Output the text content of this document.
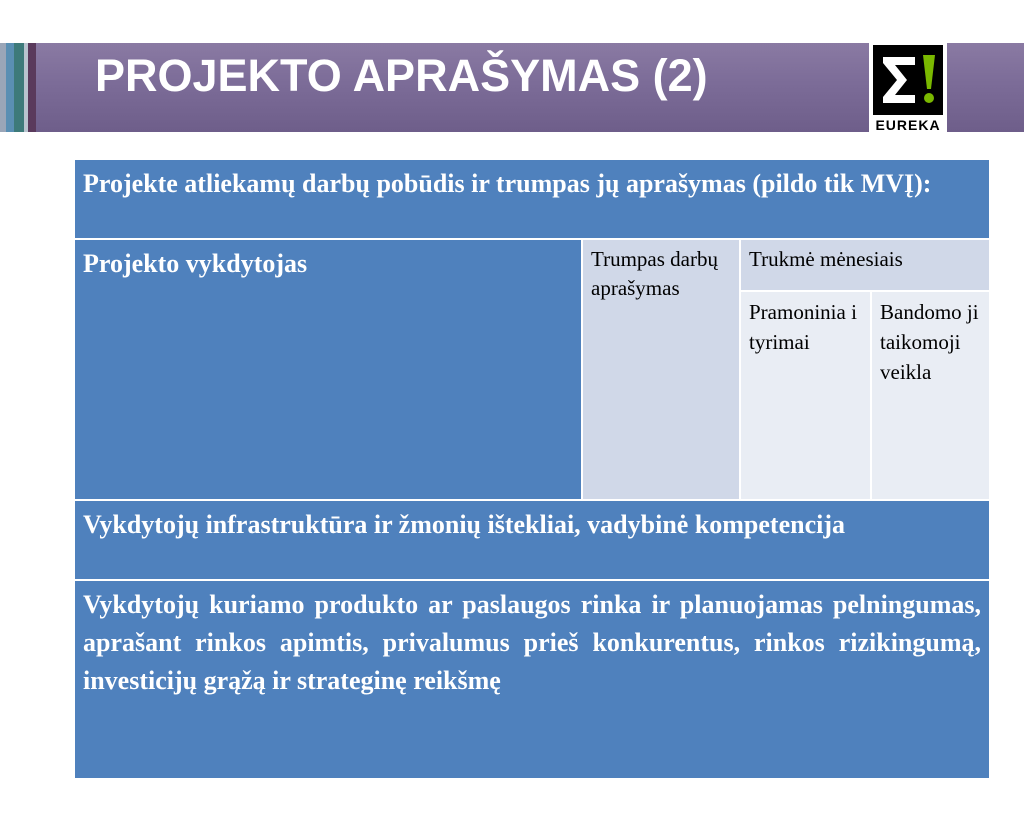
PROJEKTO APRAŠYMAS (2)
EUREKA
Projekte atliekamų darbų pobūdis ir trumpas jų aprašymas (pildo tik MVĮ):			
Projekto vykdytojas	Trumpas darbų aprašymas	Trukmė mėnesiais	
		Pramoninia i tyrimai	Bandomo ji taikomoji veikla
Vykdytojų infrastruktūra ir žmonių ištekliai, vadybinė kompetencija			
Vykdytojų kuriamo produkto ar paslaugos rinka ir planuojamas pelningumas, aprašant rinkos apimtis, privalumus prieš konkurentus, rinkos rizikingumą, investicijų grąžą ir strateginę reikšmę			
